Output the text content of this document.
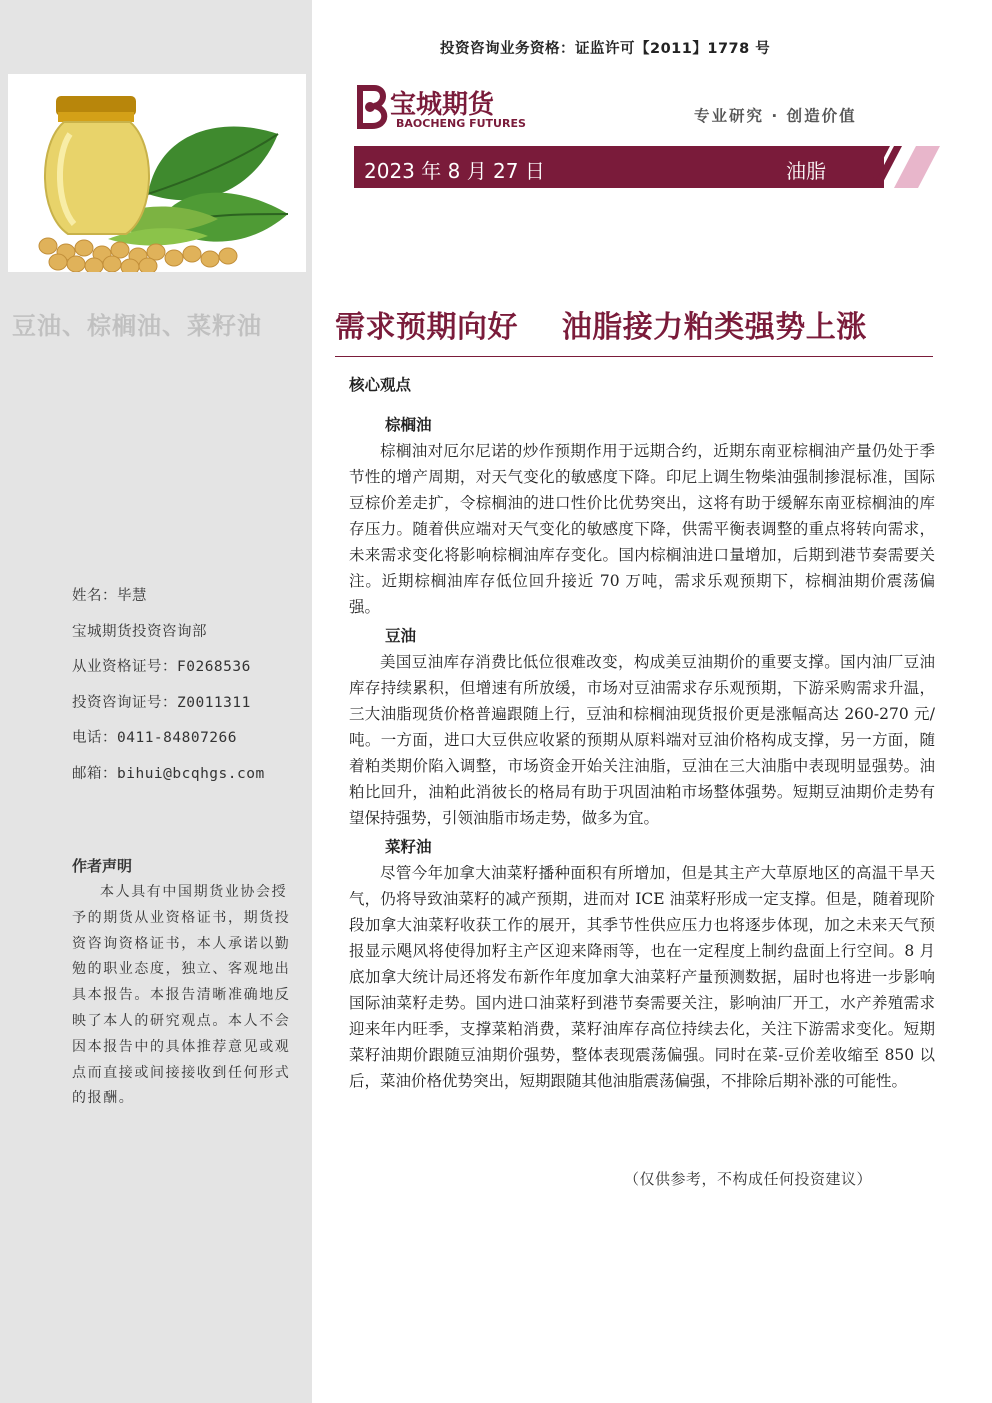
豆油、棕榈油、菜籽油
姓名：毕慧
宝城期货投资咨询部
从业资格证号：F0268536
投资咨询证号：Z0011311
电话：0411-84807266
邮箱：bihui@bcqhgs.com
作者声明

本人具有中国期货业协会授予的期货从业资格证书，期货投资咨询资格证书，本人承诺以勤勉的职业态度，独立、客观地出具本报告。本报告清晰准确地反映了本人的研究观点。本人不会因本报告中的具体推荐意见或观点而直接或间接接收到任何形式的报酬。

投资咨询业务资格：证监许可【2011】1778 号
宝城期货
BAOCHENG FUTURES	专业研究 · 创造价值
2023 年 8 月 27 日	油脂
需求预期向好    油脂接力粕类强势上涨
核心观点
棕榈油

棕榈油对厄尔尼诺的炒作预期作用于远期合约，近期东南亚棕榈油产量仍处于季节性的增产周期，对天气变化的敏感度下降。印尼上调生物柴油强制掺混标准，国际豆棕价差走扩，令棕榈油的进口性价比优势突出，这将有助于缓解东南亚棕榈油的库存压力。随着供应端对天气变化的敏感度下降，供需平衡表调整的重点将转向需求，未来需求变化将影响棕榈油库存变化。国内棕榈油进口量增加，后期到港节奏需要关注。近期棕榈油库存低位回升接近 70 万吨，需求乐观预期下，棕榈油期价震荡偏强。

豆油

美国豆油库存消费比低位很难改变，构成美豆油期价的重要支撑。国内油厂豆油库存持续累积，但增速有所放缓，市场对豆油需求存乐观预期，下游采购需求升温，三大油脂现货价格普遍跟随上行，豆油和棕榈油现货报价更是涨幅高达 260-270 元/吨。一方面，进口大豆供应收紧的预期从原料端对豆油价格构成支撑，另一方面，随着粕类期价陷入调整，市场资金开始关注油脂，豆油在三大油脂中表现明显强势。油粕比回升，油粕此消彼长的格局有助于巩固油粕市场整体强势。短期豆油期价走势有望保持强势，引领油脂市场走势，做多为宜。

菜籽油

尽管今年加拿大油菜籽播种面积有所增加，但是其主产大草原地区的高温干旱天气，仍将导致油菜籽的减产预期，进而对 ICE 油菜籽形成一定支撑。但是，随着现阶段加拿大油菜籽收获工作的展开，其季节性供应压力也将逐步体现，加之未来天气预报显示飓风将使得加籽主产区迎来降雨等，也在一定程度上制约盘面上行空间。8 月底加拿大统计局还将发布新作年度加拿大油菜籽产量预测数据，届时也将进一步影响国际油菜籽走势。国内进口油菜籽到港节奏需要关注，影响油厂开工，水产养殖需求迎来年内旺季，支撑菜粕消费，菜籽油库存高位持续去化，关注下游需求变化。短期菜籽油期价跟随豆油期价强势，整体表现震荡偏强。同时在菜-豆价差收缩至 850 以后，菜油价格优势突出，短期跟随其他油脂震荡偏强，不排除后期补涨的可能性。

（仅供参考，不构成任何投资建议）
